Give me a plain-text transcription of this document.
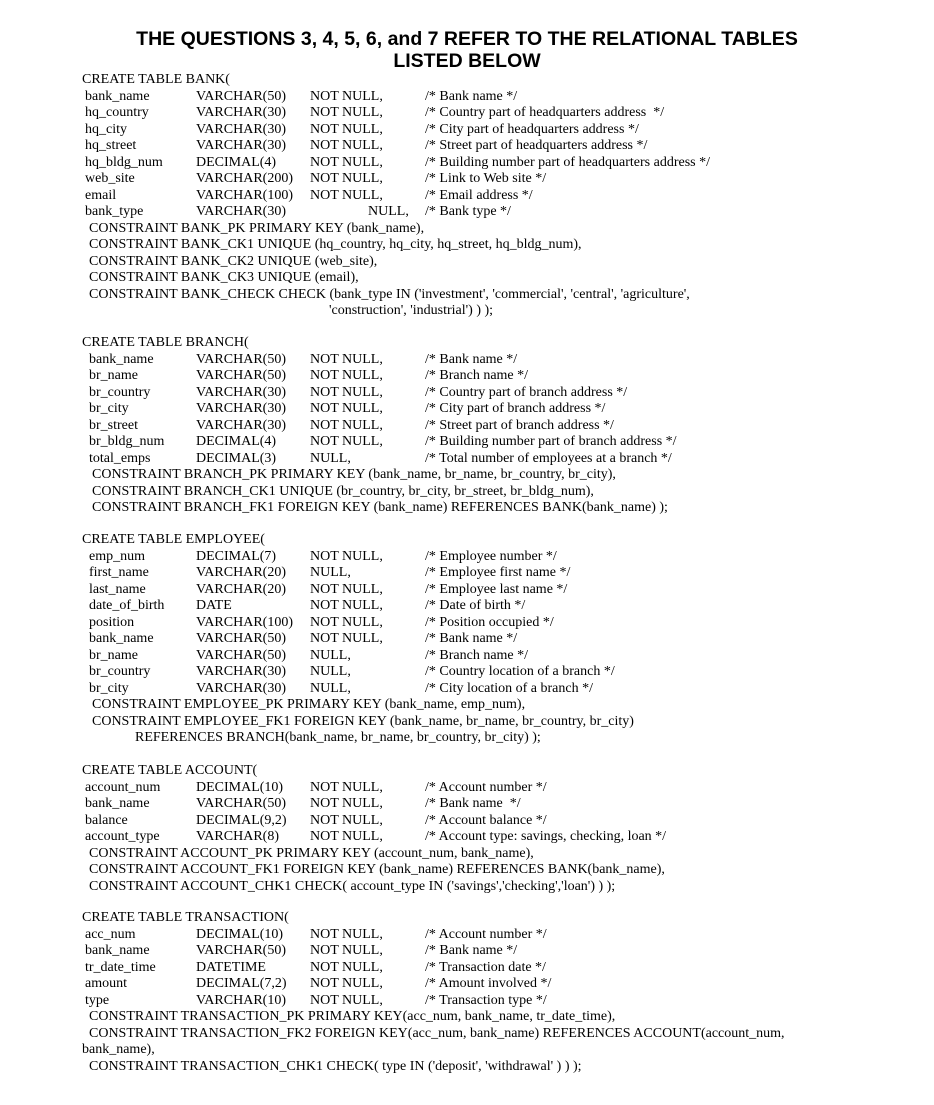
THE QUESTIONS 3, 4, 5, 6, and 7 REFER TO THE RELATIONAL TABLES
LISTED BELOW
CREATE TABLE BANK(
bank_name	VARCHAR(50) NOT NULL,	/* Bank name */
hq_country	VARCHAR(30) NOT NULL,	/* Country part of headquarters address  */
hq_city	VARCHAR(30) NOT NULL,	/* City part of headquarters address */
hq_street	VARCHAR(30) NOT NULL,	/* Street part of headquarters address */
hq_bldg_num DECIMAL(4) NOT NULL,	/* Building number part of headquarters address */
web_site	VARCHAR(200) NOT NULL,	/* Link to Web site */
email	VARCHAR(100) NOT NULL,	/* Email address */
bank_type	VARCHAR(30)	NULL, /* Bank type */
CONSTRAINT BANK_PK PRIMARY KEY (bank_name),
CONSTRAINT BANK_CK1 UNIQUE (hq_country, hq_city, hq_street, hq_bldg_num),
CONSTRAINT BANK_CK2 UNIQUE (web_site),
CONSTRAINT BANK_CK3 UNIQUE (email),
CONSTRAINT BANK_CHECK CHECK (bank_type IN ('investment', 'commercial', 'central', 'agriculture',
'construction', 'industrial') ) );
CREATE TABLE BRANCH(
bank_name	VARCHAR(50) NOT NULL,	/* Bank name */
br_name	VARCHAR(50) NOT NULL,	/* Branch name */
br_country	VARCHAR(30) NOT NULL,	/* Country part of branch address */
br_city	VARCHAR(30) NOT NULL,	/* City part of branch address */
br_street	VARCHAR(30) NOT NULL,	/* Street part of branch address */
br_bldg_num DECIMAL(4) NOT NULL,	/* Building number part of branch address */
total_emps	DECIMAL(3) NULL,	/* Total number of employees at a branch */
CONSTRAINT BRANCH_PK PRIMARY KEY (bank_name, br_name, br_country, br_city),
CONSTRAINT BRANCH_CK1 UNIQUE (br_country, br_city, br_street, br_bldg_num),
CONSTRAINT BRANCH_FK1 FOREIGN KEY (bank_name) REFERENCES BANK(bank_name) );
CREATE TABLE EMPLOYEE(
emp_num	DECIMAL(7) NOT NULL,	/* Employee number */
first_name	VARCHAR(20) NULL,	/* Employee first name */
last_name	VARCHAR(20) NOT NULL,	/* Employee last name */
date_of_birth DATE	NOT NULL,	/* Date of birth */
position	VARCHAR(100) NOT NULL,	/* Position occupied */
bank_name	VARCHAR(50) NOT NULL,	/* Bank name */
br_name	VARCHAR(50) NULL,	/* Branch name */
br_country	VARCHAR(30) NULL,	/* Country location of a branch */
br_city	VARCHAR(30) NULL,	/* City location of a branch */
CONSTRAINT EMPLOYEE_PK PRIMARY KEY (bank_name, emp_num),
CONSTRAINT EMPLOYEE_FK1 FOREIGN KEY (bank_name, br_name, br_country, br_city)
REFERENCES BRANCH(bank_name, br_name, br_country, br_city) );
CREATE TABLE ACCOUNT(
account_num	DECIMAL(10) NOT NULL,	/* Account number */
bank_name	VARCHAR(50) NOT NULL,	/* Bank name  */
balance	DECIMAL(9,2) NOT NULL,	/* Account balance */
account_type	VARCHAR(8) NOT NULL,	/* Account type: savings, checking, loan */
CONSTRAINT ACCOUNT_PK PRIMARY KEY (account_num, bank_name),
CONSTRAINT ACCOUNT_FK1 FOREIGN KEY (bank_name) REFERENCES BANK(bank_name),
CONSTRAINT ACCOUNT_CHK1 CHECK( account_type IN ('savings','checking','loan') ) );
CREATE TABLE TRANSACTION(
acc_num	DECIMAL(10) NOT NULL,	/* Account number */
bank_name	VARCHAR(50) NOT NULL,	/* Bank name */
tr_date_time	DATETIME	NOT NULL,	/* Transaction date */
amount	DECIMAL(7,2) NOT NULL,	/* Amount involved */
type	VARCHAR(10) NOT NULL,	/* Transaction type */
CONSTRAINT TRANSACTION_PK PRIMARY KEY(acc_num, bank_name, tr_date_time),
CONSTRAINT TRANSACTION_FK2 FOREIGN KEY(acc_num, bank_name) REFERENCES ACCOUNT(account_num,
bank_name),
CONSTRAINT TRANSACTION_CHK1 CHECK( type IN ('deposit', 'withdrawal' ) ) );
